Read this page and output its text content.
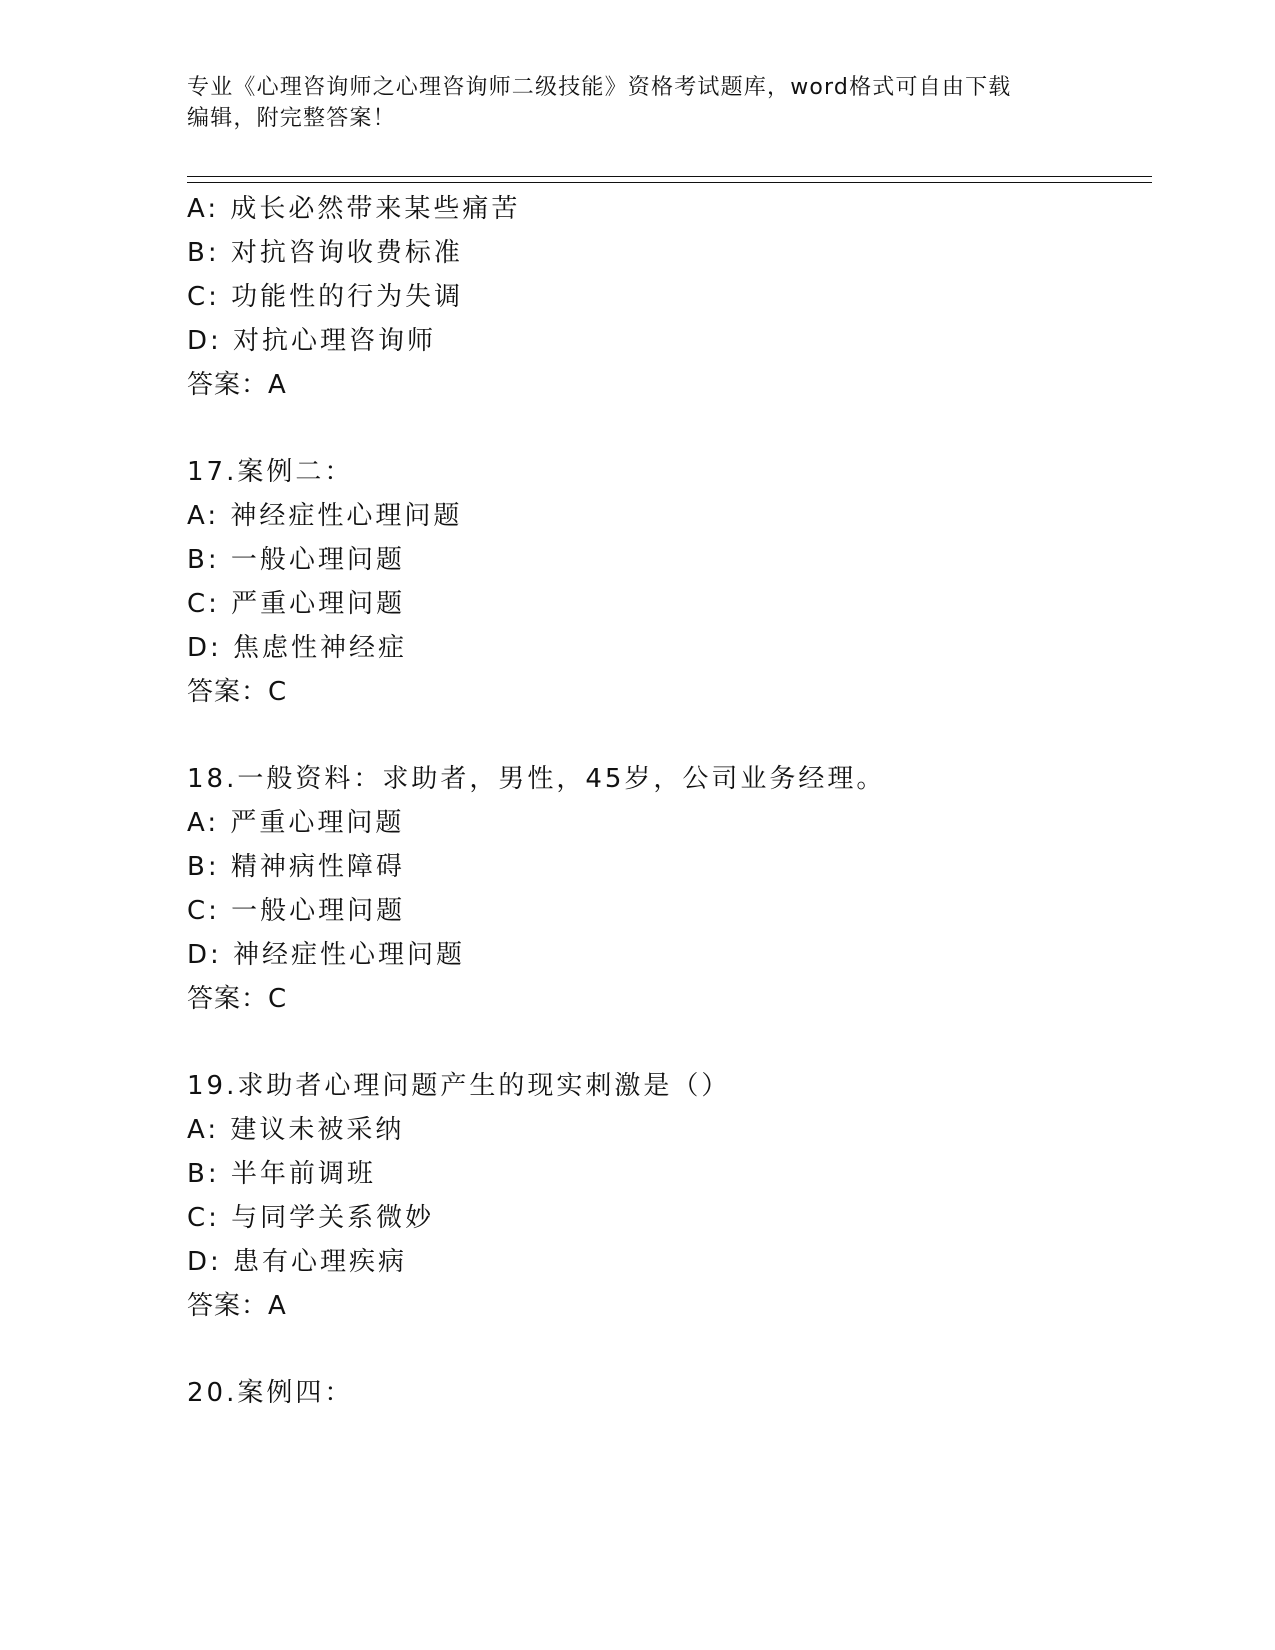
专业《心理咨询师之心理咨询师二级技能》资格考试题库，word格式可自由下载
编辑，附完整答案！
A: 成长必然带来某些痛苦
B: 对抗咨询收费标准
C: 功能性的行为失调
D: 对抗心理咨询师
答案：A
17.案例二：
A: 神经症性心理问题
B: 一般心理问题
C: 严重心理问题
D: 焦虑性神经症
答案：C
18.一般资料：求助者，男性，45岁，公司业务经理。
A: 严重心理问题
B: 精神病性障碍
C: 一般心理问题
D: 神经症性心理问题
答案：C
19.求助者心理问题产生的现实刺激是（）
A: 建议未被采纳
B: 半年前调班
C: 与同学关系微妙
D: 患有心理疾病
答案：A
20.案例四：
